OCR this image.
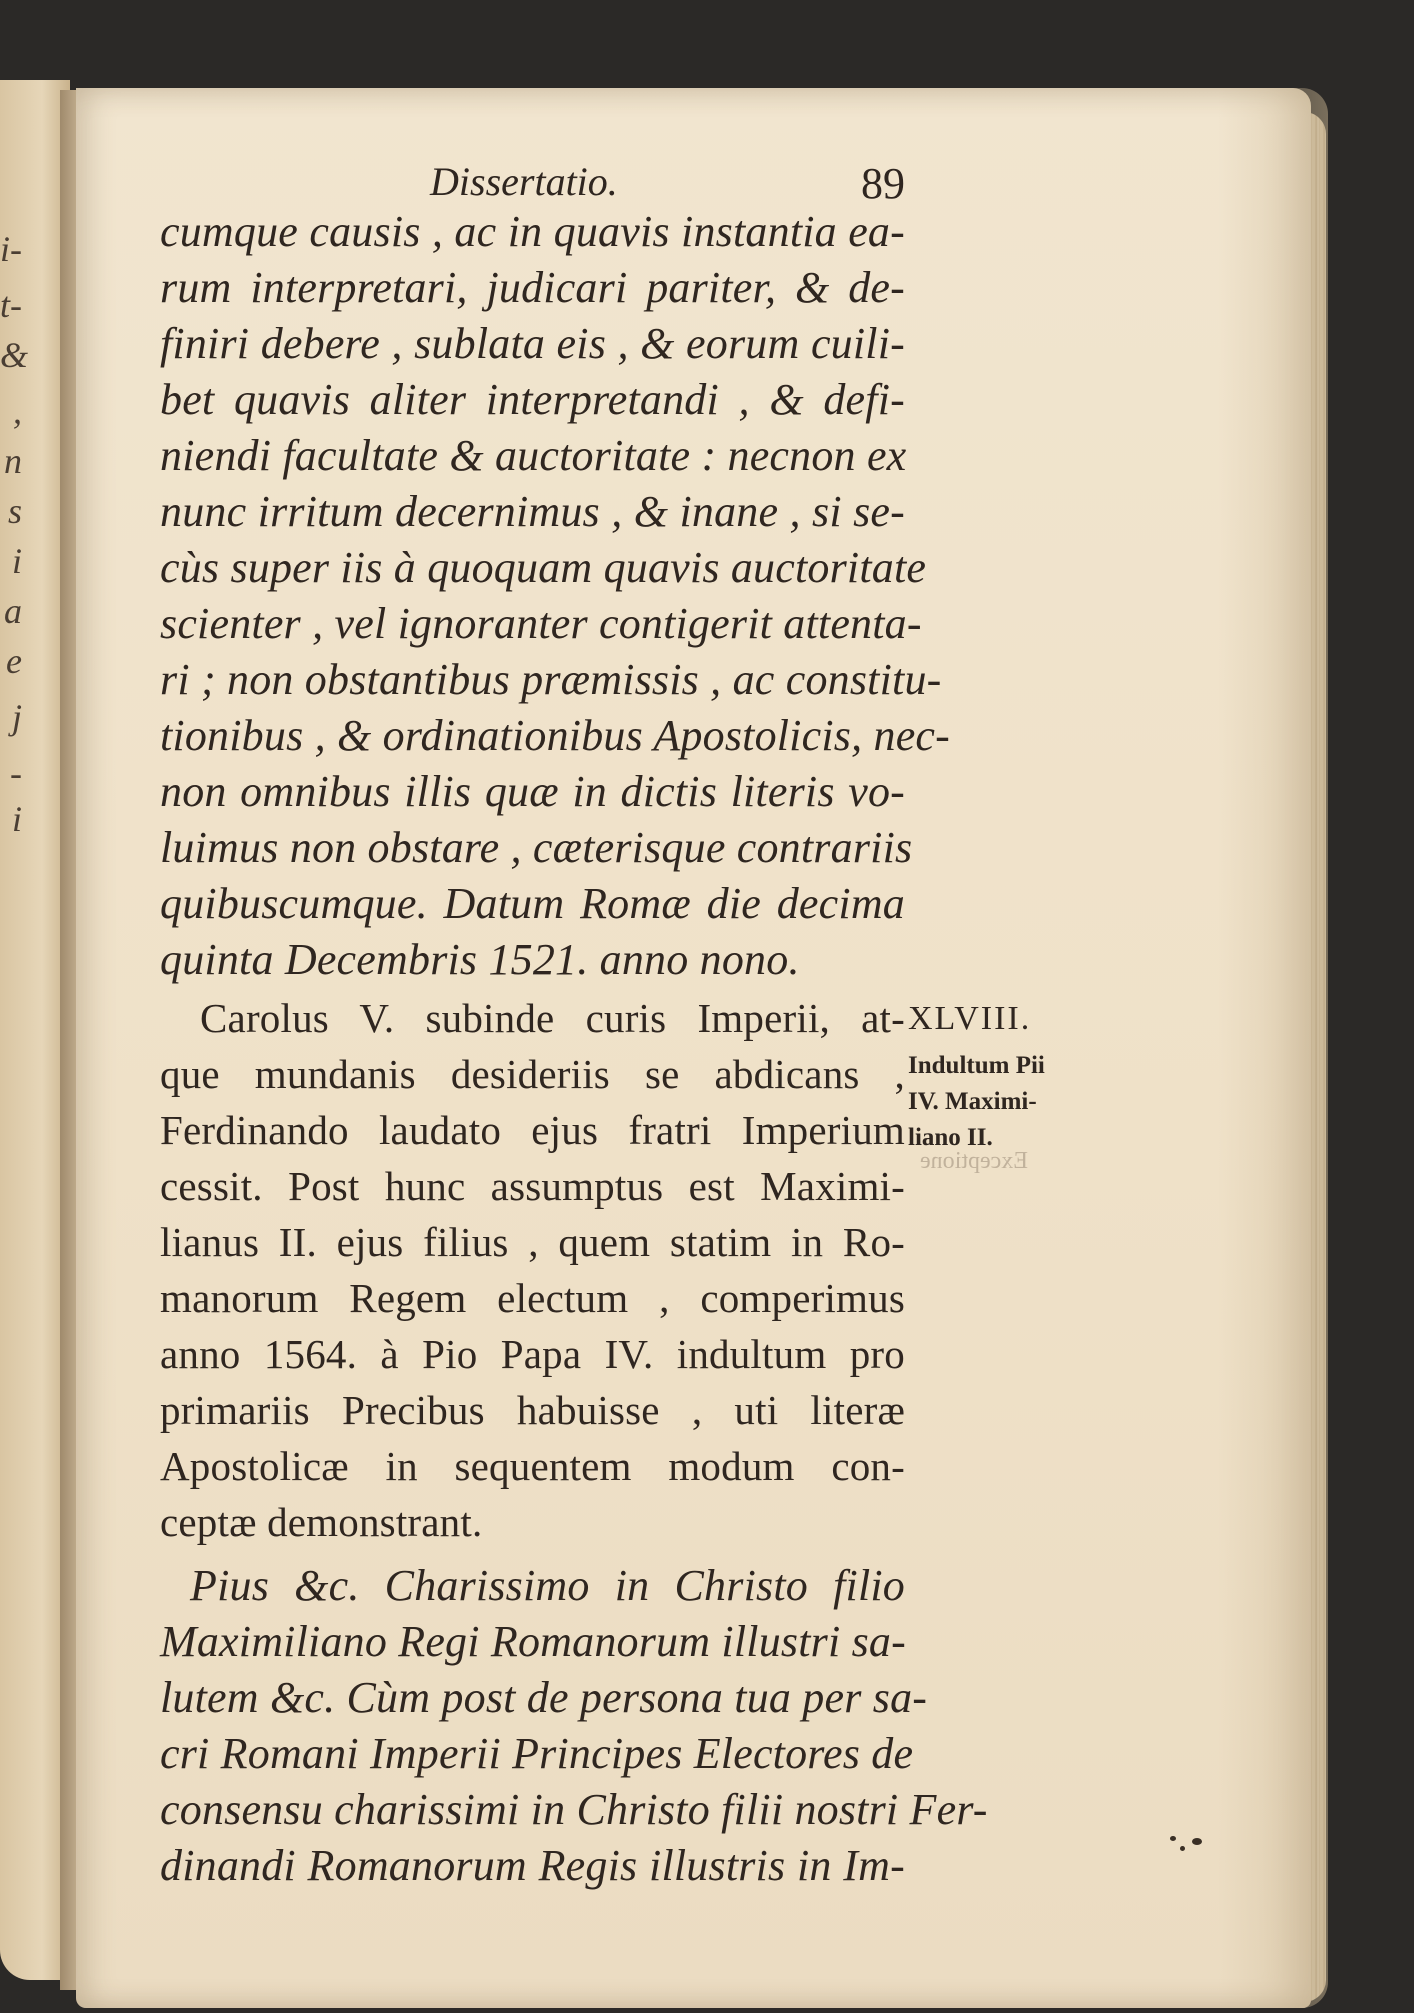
i-
t-
&
,
n
s
i
a
e
j
-
i
Exceptione
Dissertatio.	89
cumque causis , ac in quavis instantia ea-
rum interpretari, judicari pariter, & de-
finiri debere , sublata eis , & eorum cuili-
bet quavis aliter interpretandi , & defi-
niendi facultate & auctoritate : necnon ex
nunc irritum decernimus , & inane , si se-
cùs super iis à quoquam quavis auctoritate
scienter , vel ignoranter contigerit attenta-
ri ; non obstantibus præmissis , ac constitu-
tionibus , & ordinationibus Apostolicis, nec-
non omnibus illis quæ in dictis literis vo-
luimus non obstare , cæterisque contrariis
quibuscumque. Datum Romæ die decima
quinta Decembris 1521. anno nono.
Carolus V. subinde curis Imperii, at-
que mundanis desideriis se abdicans ,
Ferdinando laudato ejus fratri Imperium
cessit. Post hunc assumptus est Maximi-
lianus II. ejus filius , quem statim in Ro-
manorum Regem electum , comperimus
anno 1564. à Pio Papa IV. indultum pro
primariis Precibus habuisse , uti literæ
Apostolicæ in sequentem modum con-
ceptæ demonstrant.
Pius &c. Charissimo in Christo filio
Maximiliano Regi Romanorum illustri sa-
lutem &c. Cùm post de persona tua per sa-
cri Romani Imperii Principes Electores de
consensu charissimi in Christo filii nostri Fer-
dinandi Romanorum Regis illustris in Im-
XLVIII.
Indultum Pii
IV. Maximi-
liano II.
